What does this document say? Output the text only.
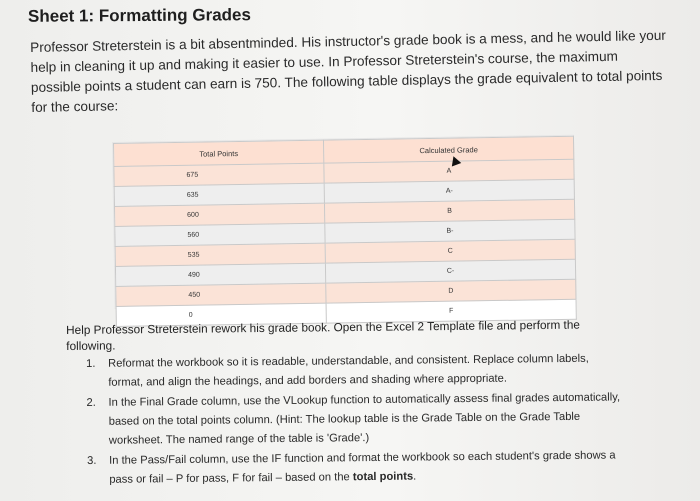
Sheet 1: Formatting Grades
Professor Streterstein is a bit absentminded. His instructor's grade book is a mess, and he would like your help in cleaning it up and making it easier to use. In Professor Streterstein's course, the maximum possible points a student can earn is 750. The following table displays the grade equivalent to total points for the course:
Total Points	Calculated Grade
675	A
635	A-
600	B
560	B-
535	C
490	C-
450	D
0	F
Help Professor Streterstein rework his grade book. Open the Excel 2 Template file and perform the following.
1. Reformat the workbook so it is readable, understandable, and consistent. Replace column labels, format, and align the headings, and add borders and shading where appropriate.
2. In the Final Grade column, use the VLookup function to automatically assess final grades automatically, based on the total points column. (Hint: The lookup table is the Grade Table on the Grade Table worksheet. The named range of the table is 'Grade'.)
3. In the Pass/Fail column, use the IF function and format the workbook so each student's grade shows a pass or fail – P for pass, F for fail – based on the total points.
